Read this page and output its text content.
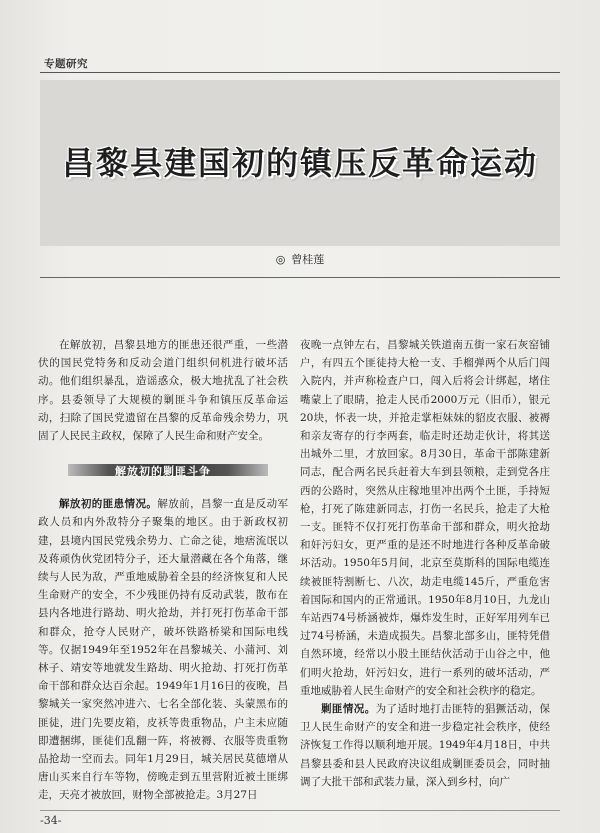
专题研究
昌黎县建国初的镇压反革命运动
◎ 曾桂莲

在解放初，昌黎县地方的匪患还很严重，一些潜伏的国民党特务和反动会道门组织伺机进行破坏活动。他们组织暴乱，造谣惑众，极大地扰乱了社会秩序。县委领导了大规模的剿匪斗争和镇压反革命运动，扫除了国民党遗留在昌黎的反革命残余势力，巩固了人民民主政权，保障了人民生命和财产安全。

解放初的剿匪斗争

解放初的匪患情况。解放前，昌黎一直是反动军政人员和内外敌特分子聚集的地区。由于新政权初建，县境内国民党残余势力、亡命之徒，地痞流氓以及蒋顽伪伙党团特分子，还大量潜藏在各个角落，继续与人民为敌，严重地威胁着全县的经济恢复和人民生命财产的安全，不少残匪仍持有反动武装，散布在县内各地进行路劫、明火抢劫，并打死打伤革命干部和群众，抢夺人民财产，破坏铁路桥梁和国际电线等。仅据1949年至1952年在昌黎城关、小蒲河、刘林子、靖安等地就发生路劫、明火抢劫、打死打伤革命干部和群众达百余起。1949年1月16日的夜晚，昌黎城关一家突然冲进六、七名全部化装、头蒙黑布的匪徒，进门先要皮箱，皮袄等贵重物品，户主未应随即遭捆绑，匪徒们乱翻一阵，将被褥、衣服等贵重物品抢劫一空而去。同年1月29日，城关居民莫德增从唐山买来自行车等物，傍晚走到五里营附近被土匪绑走，天亮才被放回，财物全部被抢走。3月27日

夜晚一点钟左右，昌黎城关铁道南五街一家石灰窑铺户，有四五个匪徒持大枪一支、手榴弹两个从后门闯入院内，并声称检查户口，闯入后将会计绑起，堵住嘴蒙上了眼睛，抢走人民币2000万元（旧币），银元20块，怀表一块，并抢走掌柜妹妹的貂皮衣服、被褥和亲友寄存的行李两套，临走时还劫走伙计，将其送出城外二里，才放回家。8月30日，革命干部陈建新同志，配合两名民兵赶着大车到县领粮，走到党各庄西的公路时，突然从庄稼地里冲出两个土匪，手持短枪，打死了陈建新同志，打伤一名民兵，抢走了大枪一支。匪特不仅打死打伤革命干部和群众，明火抢劫和奸污妇女，更严重的是还不时地进行各种反革命破坏活动。1950年5月间，北京至莫斯科的国际电缆连续被匪特割断七、八次，劫走电缆145斤，严重危害着国际和国内的正常通讯。1950年8月10日，九龙山车站西74号桥涵被炸，爆炸发生时，正好军用列车已过74号桥涵，未造成损失。昌黎北部多山，匪特凭借自然环境，经常以小股土匪结伙活动于山谷之中，他们明火抢劫，奸污妇女，进行一系列的破坏活动，严重地威胁着人民生命财产的安全和社会秩序的稳定。

剿匪情况。为了适时地打击匪特的猖獗活动，保卫人民生命财产的安全和进一步稳定社会秩序，使经济恢复工作得以顺利地开展。1949年4月18日，中共昌黎县委和县人民政府决议组成剿匪委员会，同时抽调了大批干部和武装力量，深入到乡村，向广

-34-
